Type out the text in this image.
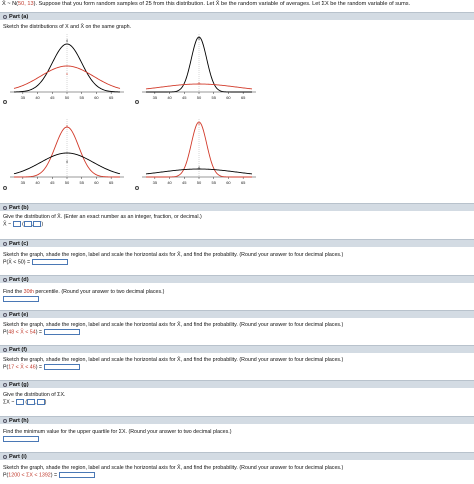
X̄ ~ N(50, 13). Suppose that you form random samples of 25 from this distribution. Let X̄ be the random variable of averages. Let ΣX be the random variable of sums.
Part (a)
Sketch the distributions of X and X̄ on the same graph.
35	40	45	50	55	60	65
x̄
x
35	40	45	50	55	60	65
x̄
x
35	40	45	50	55	60	65
x
x̄
35	40	45	50	55	60	65
x
x̄
Part (b)
Give the distribution of X̄. (Enter an exact number as an integer, fraction, or decimal.)
X̄ ~  ( , )
Part (c)
Sketch the graph, shade the region, label and scale the horizontal axis for X̄, and find the probability. (Round your answer to four decimal places.)
P(X̄ < 50) =
Part (d)
Find the 30th percentile. (Round your answer to two decimal places.)
Part (e)
Sketch the graph, shade the region, label and scale the horizontal axis for X̄, and find the probability. (Round your answer to four decimal places.)
P(48 < X̄ < 54) =
Part (f)
Sketch the graph, shade the region, label and scale the horizontal axis for X̄, and find the probability. (Round your answer to four decimal places.)
P(17 < X̄ < 46) =
Part (g)
Give the distribution of ΣX.
ΣX ~  ( , )
Part (h)
Find the minimum value for the upper quartile for ΣX. (Round your answer to two decimal places.)
Part (i)
Sketch the graph, shade the region, label and scale the horizontal axis for X̄, and find the probability. (Round your answer to four decimal places.)
P(1200 < ΣX < 1392) =
